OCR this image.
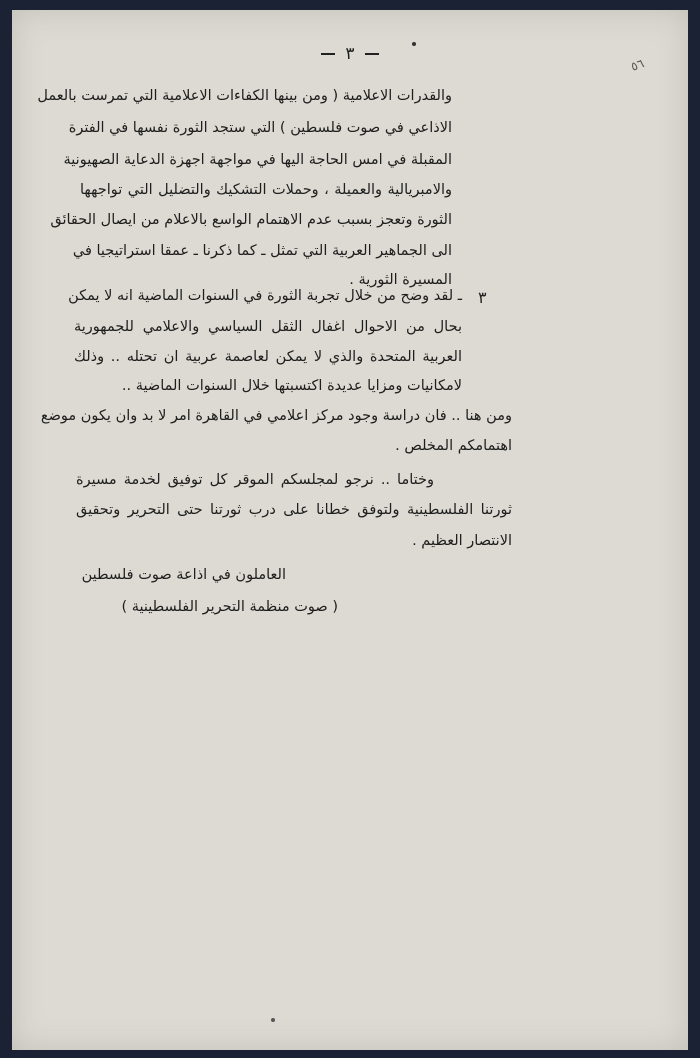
٣
٥٦
والقدرات الاعلامية ( ومن بينها الكفاءات الاعلامية التي تمرست بالعمل
الاذاعي في صوت فلسطين ) التي ستجد الثورة نفسها في الفترة
المقبلة في امس الحاجة اليها في مواجهة اجهزة الدعاية الصهيونية
والامبريالية والعميلة ، وحملات التشكيك والتضليل التي تواجهها
الثورة وتعجز بسبب عدم الاهتمام الواسع بالاعلام من ايصال الحقائق
الى الجماهير العربية التي تمثل ـ كما ذكرنا ـ عمقا استراتيجيا في
المسيرة الثورية .
٣
ـ لقد وضح من خلال تجربة الثورة في السنوات الماضية انه لا يمكن
بحال من الاحوال اغفال الثقل السياسي والاعلامي للجمهورية
العربية المتحدة والذي لا يمكن لعاصمة عربية ان تحتله .. وذلك
لامكانيات ومزايا عديدة اكتسبتها خلال السنوات الماضية ..
ومن هنا .. فان دراسة وجود مركز اعلامي في القاهرة امر لا بد وان يكون موضع
اهتمامكم المخلص .
وختاما .. نرجو لمجلسكم الموقر كل توفيق لخدمة مسيرة
ثورتنا الفلسطينية ولتوفق خطانا على درب ثورتنا حتى التحرير وتحقيق
الانتصار العظيم .
العاملون في اذاعة صوت فلسطين
( صوت منظمة التحرير الفلسطينية )
